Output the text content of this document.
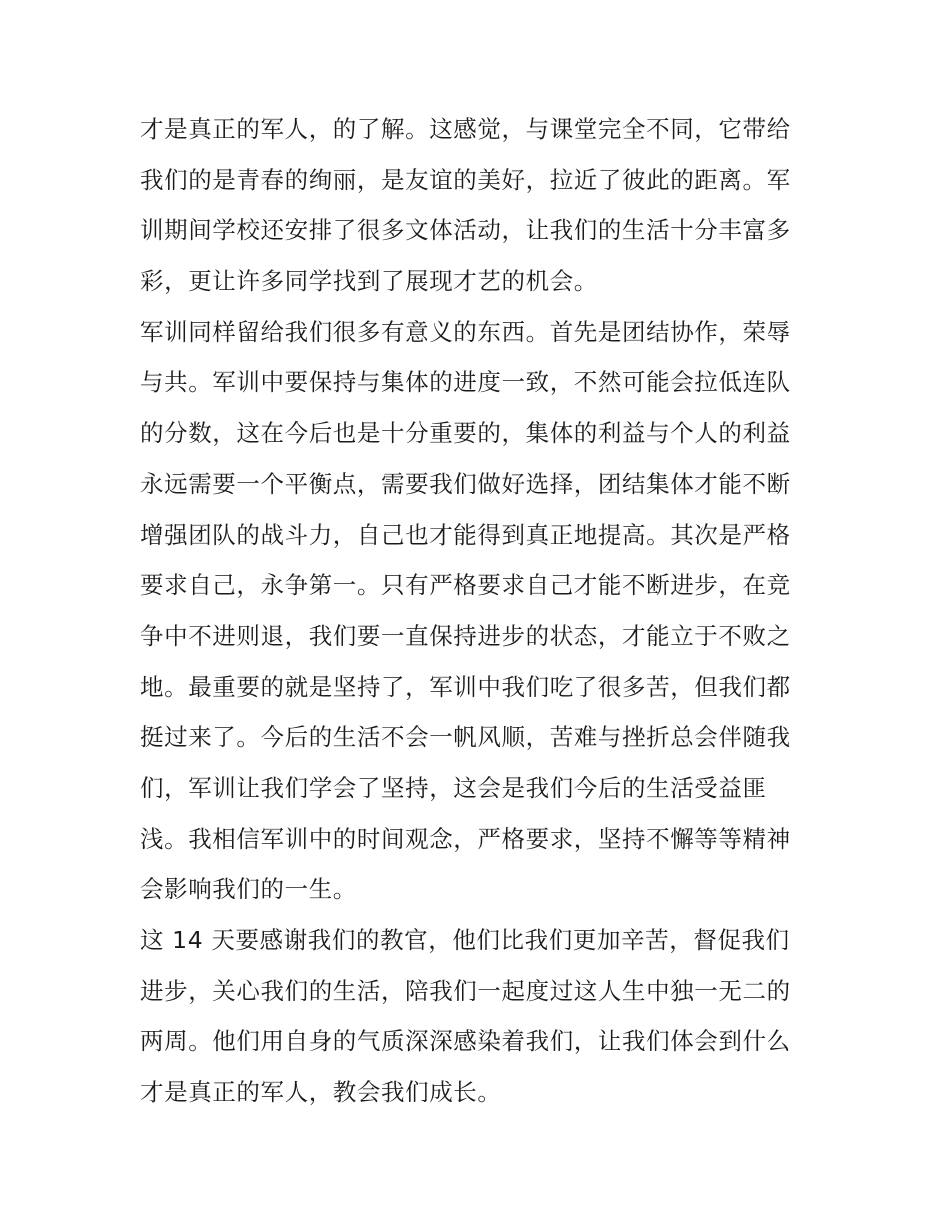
才是真正的军人，的了解。这感觉，与课堂完全不同，它带给
我们的是青春的绚丽，是友谊的美好，拉近了彼此的距离。军
训期间学校还安排了很多文体活动，让我们的生活十分丰富多
彩，更让许多同学找到了展现才艺的机会。
军训同样留给我们很多有意义的东西。首先是团结协作，荣辱
与共。军训中要保持与集体的进度一致，不然可能会拉低连队
的分数，这在今后也是十分重要的，集体的利益与个人的利益
永远需要一个平衡点，需要我们做好选择，团结集体才能不断
增强团队的战斗力，自己也才能得到真正地提高。其次是严格
要求自己，永争第一。只有严格要求自己才能不断进步，在竞
争中不进则退，我们要一直保持进步的状态，才能立于不败之
地。最重要的就是坚持了，军训中我们吃了很多苦，但我们都
挺过来了。今后的生活不会一帆风顺，苦难与挫折总会伴随我
们，军训让我们学会了坚持，这会是我们今后的生活受益匪
浅。我相信军训中的时间观念，严格要求，坚持不懈等等精神
会影响我们的一生。
这 14 天要感谢我们的教官，他们比我们更加辛苦，督促我们
进步，关心我们的生活，陪我们一起度过这人生中独一无二的
两周。他们用自身的气质深深感染着我们，让我们体会到什么
才是真正的军人，教会我们成长。
